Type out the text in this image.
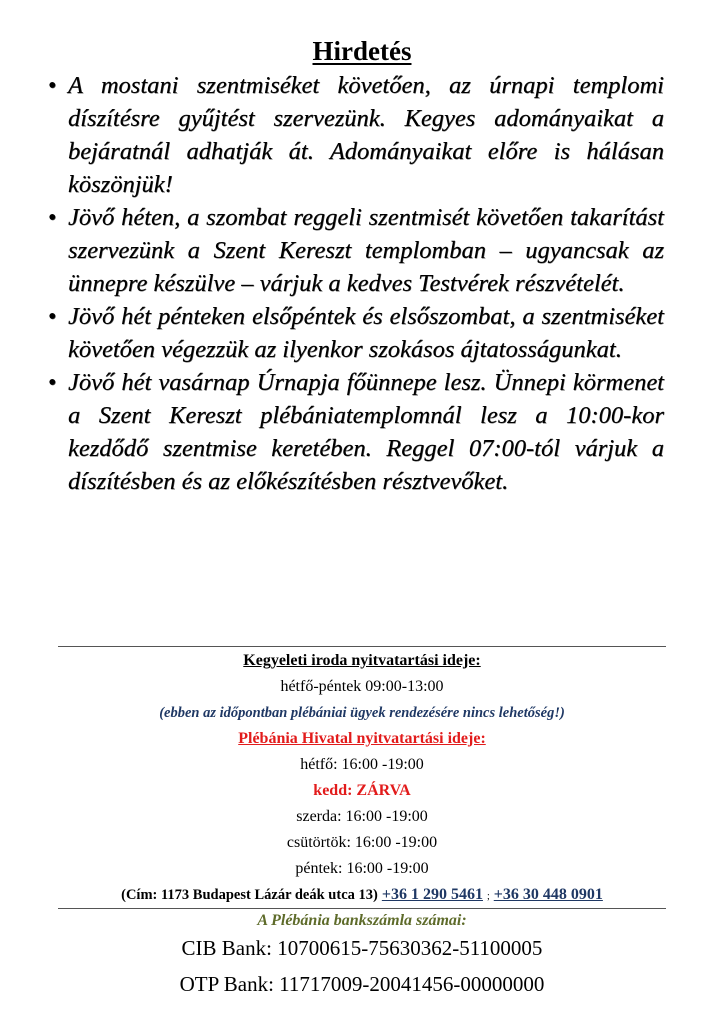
Hirdetés
• A mostani szentmiséket követően, az úrnapi templomi díszítésre gyűjtést szervezünk. Kegyes adományaikat a bejáratnál adhatják át. Adományaikat előre is hálásan köszönjük!
• Jövő héten, a szombat reggeli szentmisét követően takarítást szervezünk a Szent Kereszt templomban – ugyancsak az ünnepre készülve – várjuk a kedves Testvérek részvételét.
• Jövő hét pénteken elsőpéntek és elsőszombat, a szentmiséket követően végezzük az ilyenkor szokásos ájtatosságunkat.
• Jövő hét vasárnap Úrnapja főünnepe lesz. Ünnepi körmenet a Szent Kereszt plébániatemplomnál lesz a 10:00-kor kezdődő szentmise keretében. Reggel 07:00-tól várjuk a díszítésben és az előkészítésben résztvevőket.
Kegyeleti iroda nyitvatartási ideje:
hétfő-péntek 09:00-13:00
(ebben az időpontban plébániai ügyek rendezésére nincs lehetőség!)
Plébánia Hivatal nyitvatartási ideje:
hétfő: 16:00 -19:00
kedd: ZÁRVA
szerda: 16:00 -19:00
csütörtök: 16:00 -19:00
péntek: 16:00 -19:00
(Cím: 1173 Budapest Lázár deák utca 13) +36 1 290 5461 ; +36 30 448 0901
A Plébánia bankszámla számai:
CIB Bank: 10700615-75630362-51100005
OTP Bank: 11717009-20041456-00000000
